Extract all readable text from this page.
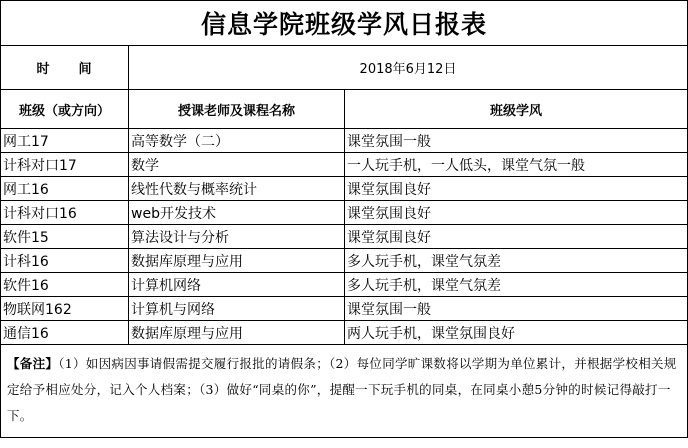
信息学院班级学风日报表		
时　　间	2018年6月12日	
班级（或方向）	授课老师及课程名称	班级学风
网工17	高等数学（二）	课堂氛围一般
计科对口17	数学	一人玩手机，一人低头，课堂气氛一般
网工16	线性代数与概率统计	课堂氛围良好
计科对口16	web开发技术	课堂氛围良好
软件15	算法设计与分析	课堂氛围良好
计科16	数据库原理与应用	多人玩手机，课堂气氛差
软件16	计算机网络	多人玩手机，课堂气氛差
物联网162	计算机与网络	课堂氛围一般
通信16	数据库原理与应用	两人玩手机，课堂氛围良好
【备注】（1）如因病因事请假需提交履行报批的请假条；（2）每位同学旷课数将以学期为单位累计，并根据学校相关规定给予相应处分，记入个人档案；（3）做好“同桌的你”，提醒一下玩手机的同桌，在同桌小憩5分钟的时候记得敲打一下。		
